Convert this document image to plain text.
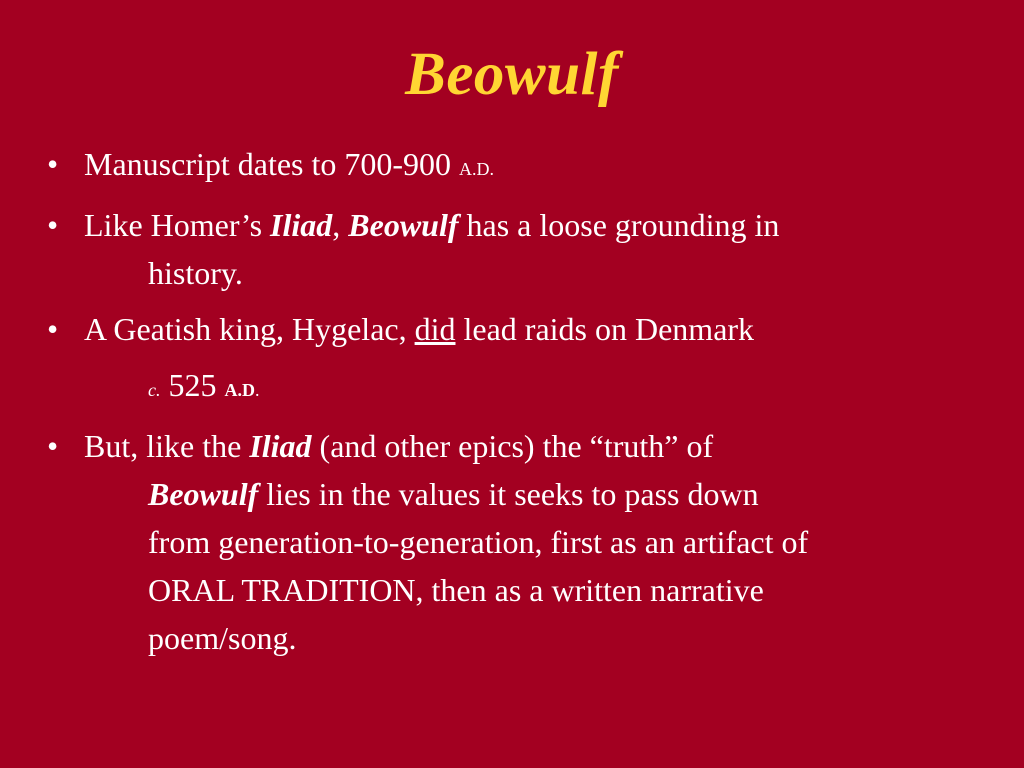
Beowulf
• Manuscript dates to 700-900 A.D.
• Like Homer’s Iliad, Beowulf has a loose grounding in
history.
• A Geatish king, Hygelac, did lead raids on Denmark
c. 525 A.D.
• But, like the Iliad (and other epics) the “truth” of
Beowulf lies in the values it seeks to pass down
from generation-to-generation, first as an artifact of
ORAL TRADITION, then as a written narrative
poem/song.
